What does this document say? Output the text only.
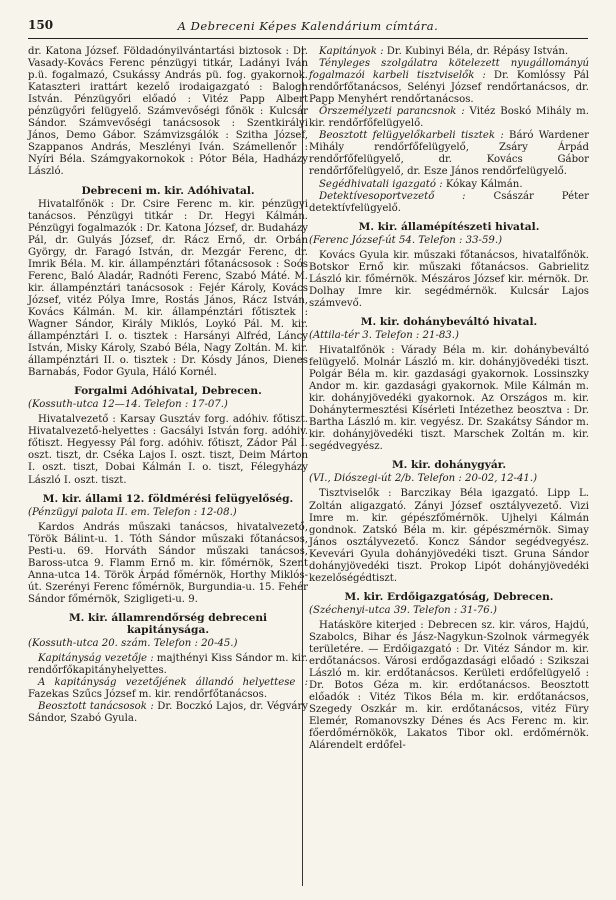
150	A Debreceni Képes Kalendárium címtára.

dr. Katona József. Földadónyilvántartási biztosok : Dr. Vasady-Kovács Ferenc pénzügyi titkár, Ladányi Iván p.ü. fogalmazó, Csukássy András pü. fog. gyakornok. Kataszteri irattárt kezelő irodaigazgató : Balogh István. Pénzügyőri előadó : Vitéz Papp Albert pénzügyőri felügyelő. Számvevőségi főnök : Kulcsár Sándor. Számvevőségi tanácsosok : Szentkirályi János, Demo Gábor. Számvizsgálók : Szitha József, Szappanos András, Meszlényi Iván. Számellenőr : Nyíri Béla. Számgyakornokok : Pótor Béla, Hadházy László.

Debreceni m. kir. Adóhivatal.

Hivatalfőnök : Dr. Csire Ferenc m. kir. pénzügyi tanácsos. Pénzügyi titkár : Dr. Hegyi Kálmán. Pénzügyi fogalmazók : Dr. Katona József, dr. Budaházy Pál, dr. Gulyás József, dr. Rácz Ernő, dr. Orbán György, dr. Faragó István, dr. Mezgár Ferenc, dr. Imrik Béla. M. kir. állampénztári főtanácsosok : Soós Ferenc, Baló Aladár, Radnóti Ferenc, Szabó Máté. M. kir. állampénztári tanácsosok : Fejér Károly, Kovács József, vitéz Pólya Imre, Rostás János, Rácz István, Kovács Kálmán. M. kir. állampénztári főtisztek : Wagner Sándor, Király Miklós, Loykó Pál. M. kir. állampénztári I. o. tisztek : Harsányi Alfréd, Láncy István, Misky Károly, Szabó Béla, Nagy Zoltán. M. kir. állampénztári II. o. tisztek : Dr. Kósdy János, Dienes Barnabás, Fodor Gyula, Háló Kornél.

Forgalmi Adóhivatal, Debrecen.

(Kossuth-utca 12—14. Telefon : 17-07.)

Hivatalvezető : Karsay Gusztáv forg. adóhiv. főtiszt. Hivatalvezető-helyettes : Gacsályi István forg. adóhiv. főtiszt. Hegyessy Pál forg. adóhiv. főtiszt, Zádor Pál I. oszt. tiszt, dr. Cséka Lajos I. oszt. tiszt, Deim Márton I. oszt. tiszt, Dobai Kálmán I. o. tiszt, Félegyházy László I. oszt. tiszt.

M. kir. állami 12. földmérési felügyelőség.

(Pénzügyi palota II. em. Telefon : 12-08.)

Kardos András műszaki tanácsos, hivatalvezető, Török Bálint-u. 1. Tóth Sándor műszaki főtanácsos, Pesti-u. 69. Horváth Sándor műszaki tanácsos, Baross-utca 9. Flamm Ernő m. kir. főmérnök, Szent Anna-utca 14. Török Árpád főmérnök, Horthy Miklós-út. Szerényi Ferenc főmérnök, Burgundia-u. 15. Fehér Sándor főmérnök, Szigligeti-u. 9.

M. kir. államrendőrség debreceni kapitánysága.

(Kossuth-utca 20. szám. Telefon : 20-45.)

Kapitányság vezetője : majthényi Kiss Sándor m. kir. rendőrfőkapitányhelyettes.

A kapitányság vezetőjének állandó helyettese : Fazekas Szűcs József m. kir. rendőrfőtanácsos.

Beosztott tanácsosok : Dr. Boczkó Lajos, dr. Végváry Sándor, Szabó Gyula.

Kapitányok : Dr. Kubinyi Béla, dr. Répásy István.

Tényleges szolgálatra kötelezett nyugállományú fogalmazói karbeli tisztviselők : Dr. Komlóssy Pál rendőrfőtanácsos, Selényi József rendőrtanácsos, dr. Papp Menyhért rendőrtanácsos.

Őrszemélyzeti parancsnok : Vitéz Boskó Mihály m. kir. rendőrfőfelügyelő.

Beosztott felügyelőkarbeli tisztek : Báró Wardener Mihály rendőrfőfelügyelő, Zsáry Árpád rendőrfőfelügyelő, dr. Kovács Gábor rendőrfőfelügyelő, dr. Esze János rendőrfelügyelő.

Segédhivatali igazgató : Kókay Kálmán.

Detektívesoportvezető : Császár Péter detektívfelügyelő.

M. kir. államépítészeti hivatal.

(Ferenc József-út 54. Telefon : 33-59.)

Kovács Gyula kir. műszaki főtanácsos, hivatalfőnök. Botskor Ernő kir. műszaki főtanácsos. Gabrielitz László kir. főmérnök. Mészáros József kir. mérnök. Dr. Dolhay Imre kir. segédmérnök. Kulcsár Lajos számvevő.

M. kir. dohánybeváltó hivatal.

(Attila-tér 3. Telefon : 21-83.)

Hivatalfőnök : Várady Béla m. kir. dohánybeváltó felügyelő. Molnár László m. kir. dohányjövedéki tiszt. Polgár Béla m. kir. gazdasági gyakornok. Lossinszky Andor m. kir. gazdasági gyakornok. Mile Kálmán m. kir. dohányjövedéki gyakornok. Az Országos m. kir. Dohánytermesztési Kísérleti Intézethez beosztva : Dr. Bartha László m. kir. vegyész. Dr. Szakátsy Sándor m. kir. dohányjövedéki tiszt. Marschek Zoltán m. kir. segédvegyész.

M. kir. dohánygyár.

(VI., Diószegi-út 2/b. Telefon : 20-02, 12-41.)

Tisztviselők : Barczikay Béla igazgató. Lipp L. Zoltán aligazgató. Zányi József osztályvezető. Vizi Imre m. kir. gépészfőmérnök. Ujhelyi Kálmán gondnok. Zatskó Béla m. kir. gépészmérnök. Simay János osztályvezető. Koncz Sándor segédvegyész. Kevevári Gyula dohányjövedéki tiszt. Gruna Sándor dohányjövedéki tiszt. Prokop Lipót dohányjövedéki kezelőségédtiszt.

M. kir. Erdőigazgatóság, Debrecen.

(Széchenyi-utca 39. Telefon : 31-76.)

Hatásköre kiterjed : Debrecen sz. kir. város, Hajdú, Szabolcs, Bihar és Jász-Nagykun-Szolnok vármegyék területére. — Erdőigazgató : Dr. Vitéz Sándor m. kir. erdőtanácsos. Városi erdőgazdasági előadó : Szikszai László m. kir. erdőtanácsos. Kerületi erdőfelügyelő : Dr. Botos Géza m. kir. erdőtanácsos. Beosztott előadók : Vitéz Tikos Béla m. kir. erdőtanácsos, Szegedy Oszkár m. kir. erdőtanácsos, vitéz Füry Elemér, Romanovszky Dénes és Acs Ferenc m. kir. főerdőmérnökök, Lakatos Tibor okl. erdőmérnök. Alárendelt erdőfel-
